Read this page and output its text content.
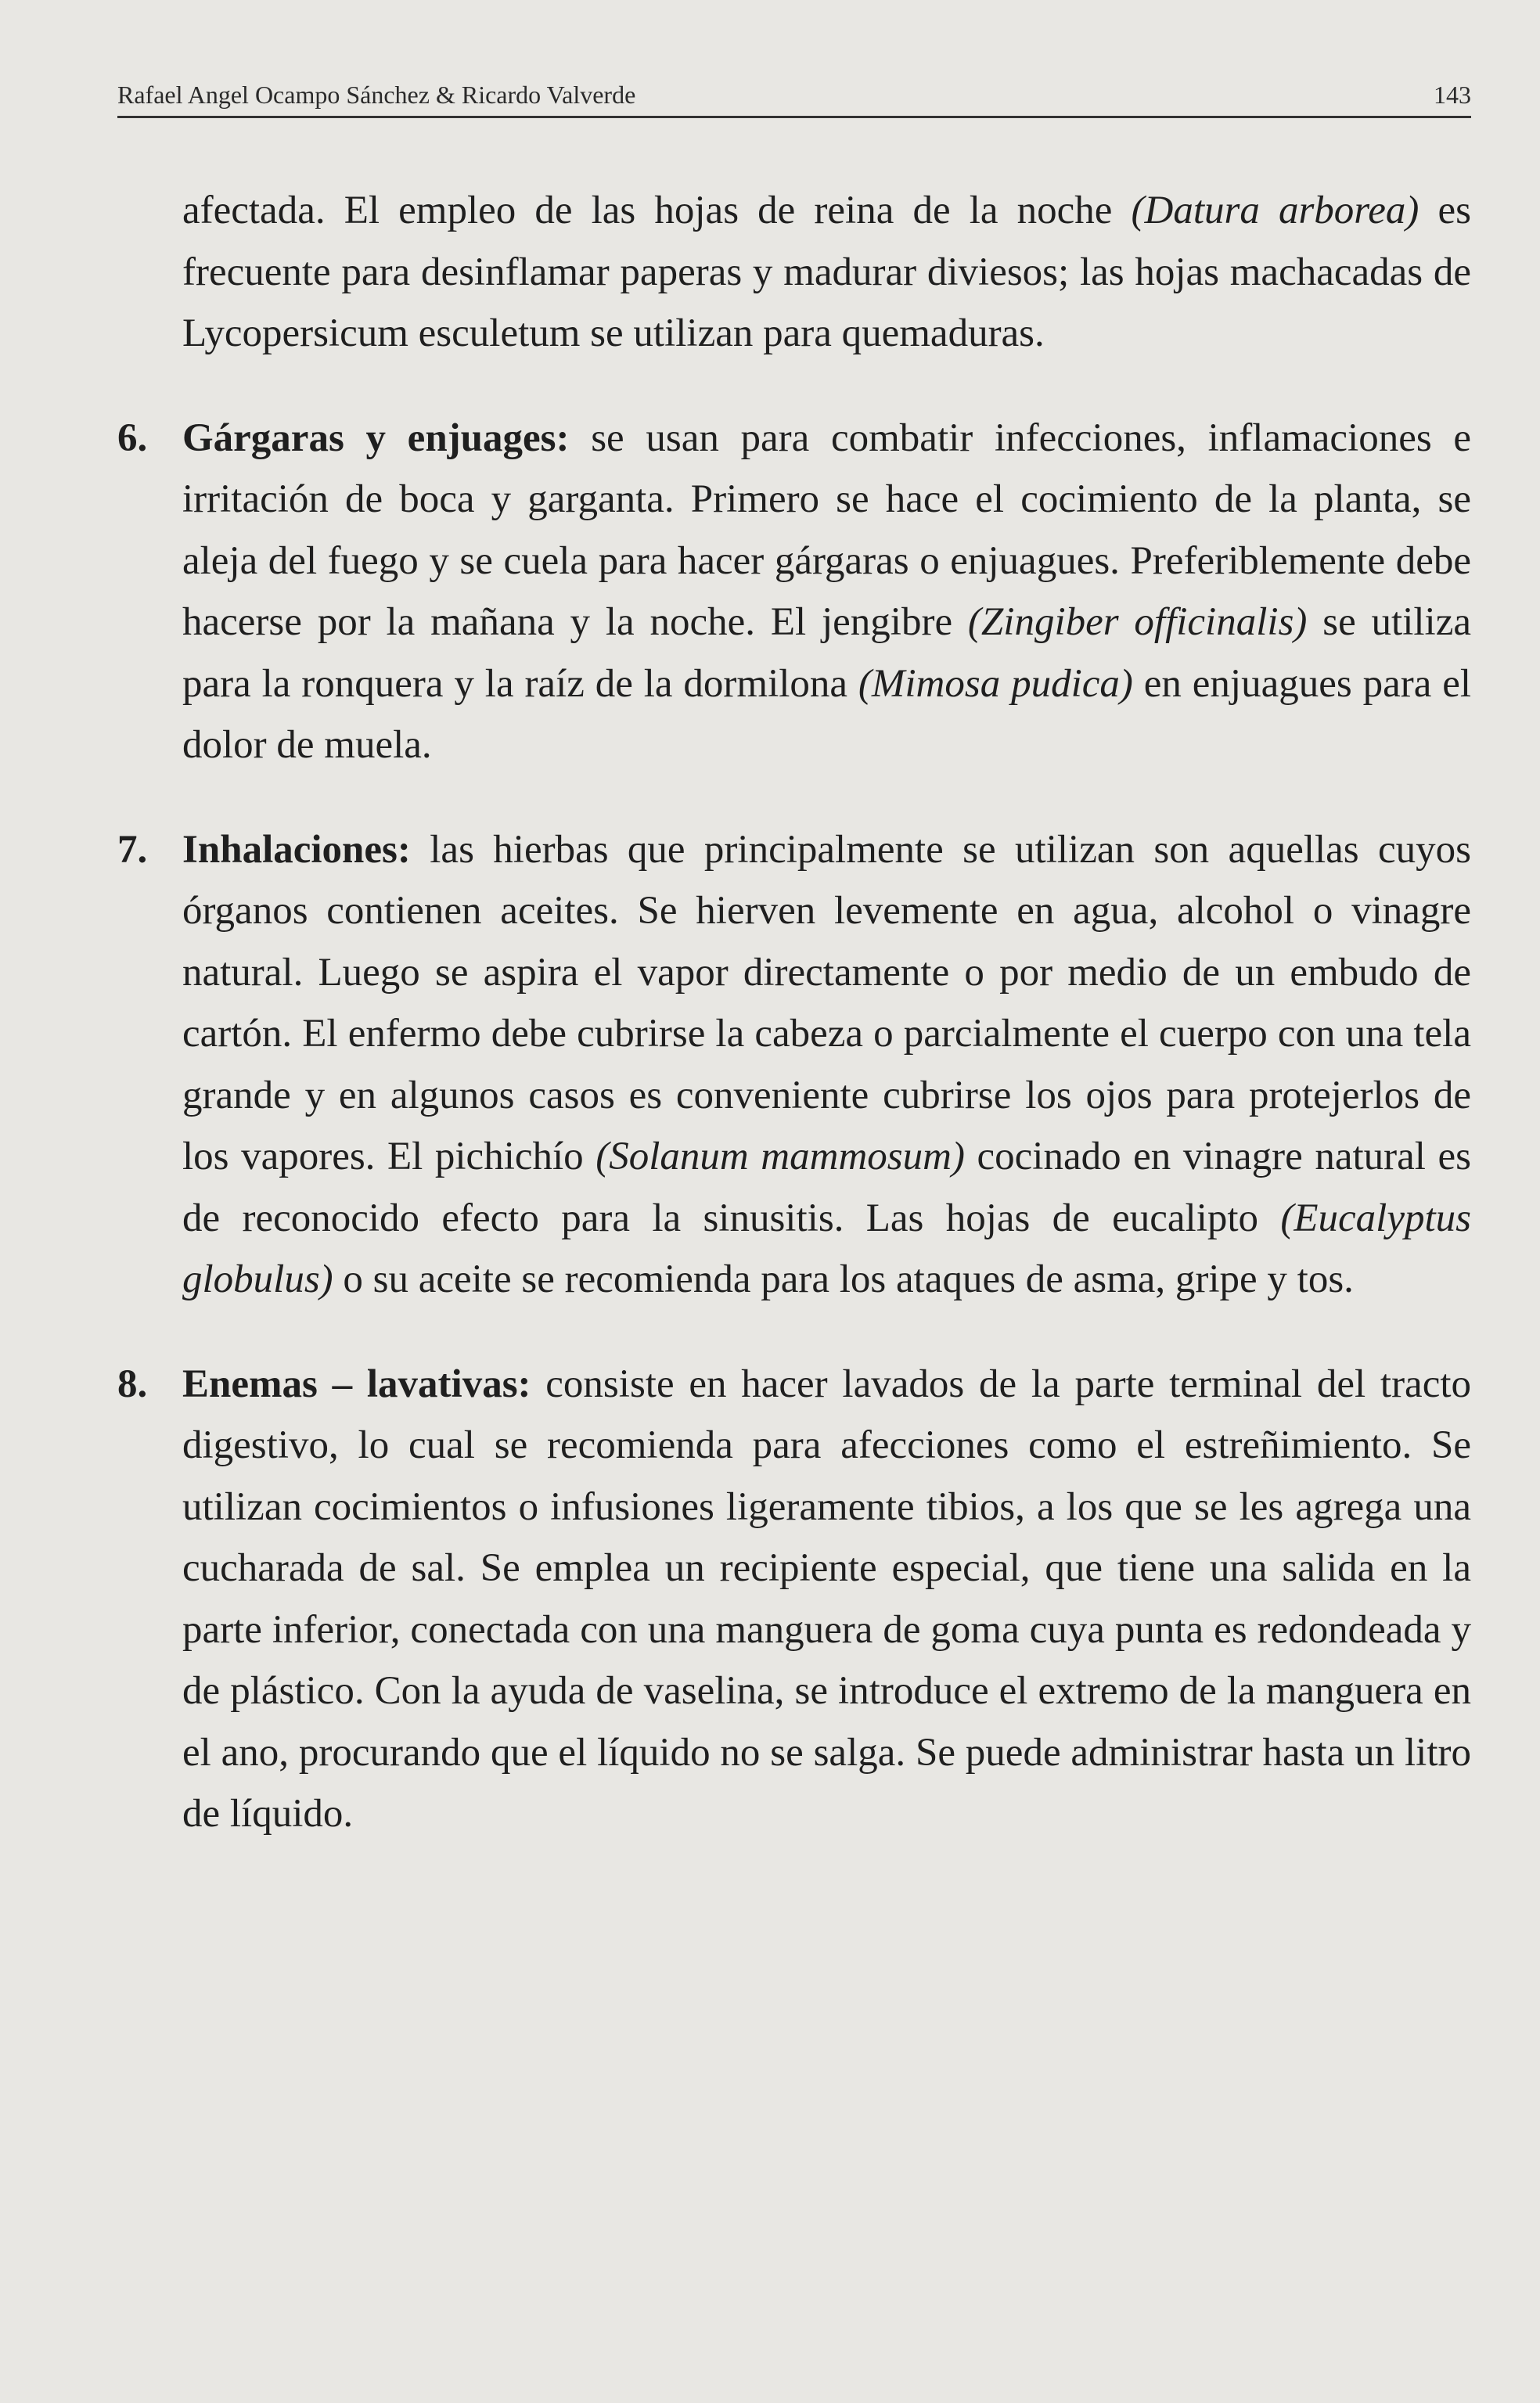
Rafael Angel Ocampo Sánchez & Ricardo Valverde	143

afectada. El empleo de las hojas de reina de la noche (Datura arborea) es frecuente para desinflamar paperas y madurar diviesos; las hojas machacadas de Lycopersicum esculetum se utilizan para quemaduras.

6. Gárgaras y enjuages: se usan para combatir infecciones, inflamaciones e irritación de boca y garganta. Primero se hace el cocimiento de la planta, se aleja del fuego y se cuela para hacer gárgaras o enjuagues. Preferiblemente debe hacerse por la mañana y la noche. El jengibre (Zingiber officinalis) se utiliza para la ronquera y la raíz de la dormilona (Mimosa pudica) en enjuagues para el dolor de muela.
7. Inhalaciones: las hierbas que principalmente se utilizan son aquellas cuyos órganos contienen aceites. Se hierven levemente en agua, alcohol o vinagre natural. Luego se aspira el vapor directamente o por medio de un embudo de cartón. El enfermo debe cubrirse la cabeza o parcialmente el cuerpo con una tela grande y en algunos casos es conveniente cubrirse los ojos para protejerlos de los vapores. El pichichío (Solanum mammosum) cocinado en vinagre natural es de reconocido efecto para la sinusitis. Las hojas de eucalipto (Eucalyptus globulus) o su aceite se recomienda para los ataques de asma, gripe y tos.
8. Enemas – lavativas: consiste en hacer lavados de la parte terminal del tracto digestivo, lo cual se recomienda para afecciones como el estreñimiento. Se utilizan cocimientos o infusiones ligeramente tibios, a los que se les agrega una cucharada de sal. Se emplea un recipiente especial, que tiene una salida en la parte inferior, conectada con una manguera de goma cuya punta es redondeada y de plástico. Con la ayuda de vaselina, se introduce el extremo de la manguera en el ano, procurando que el líquido no se salga. Se puede administrar hasta un litro de líquido.
